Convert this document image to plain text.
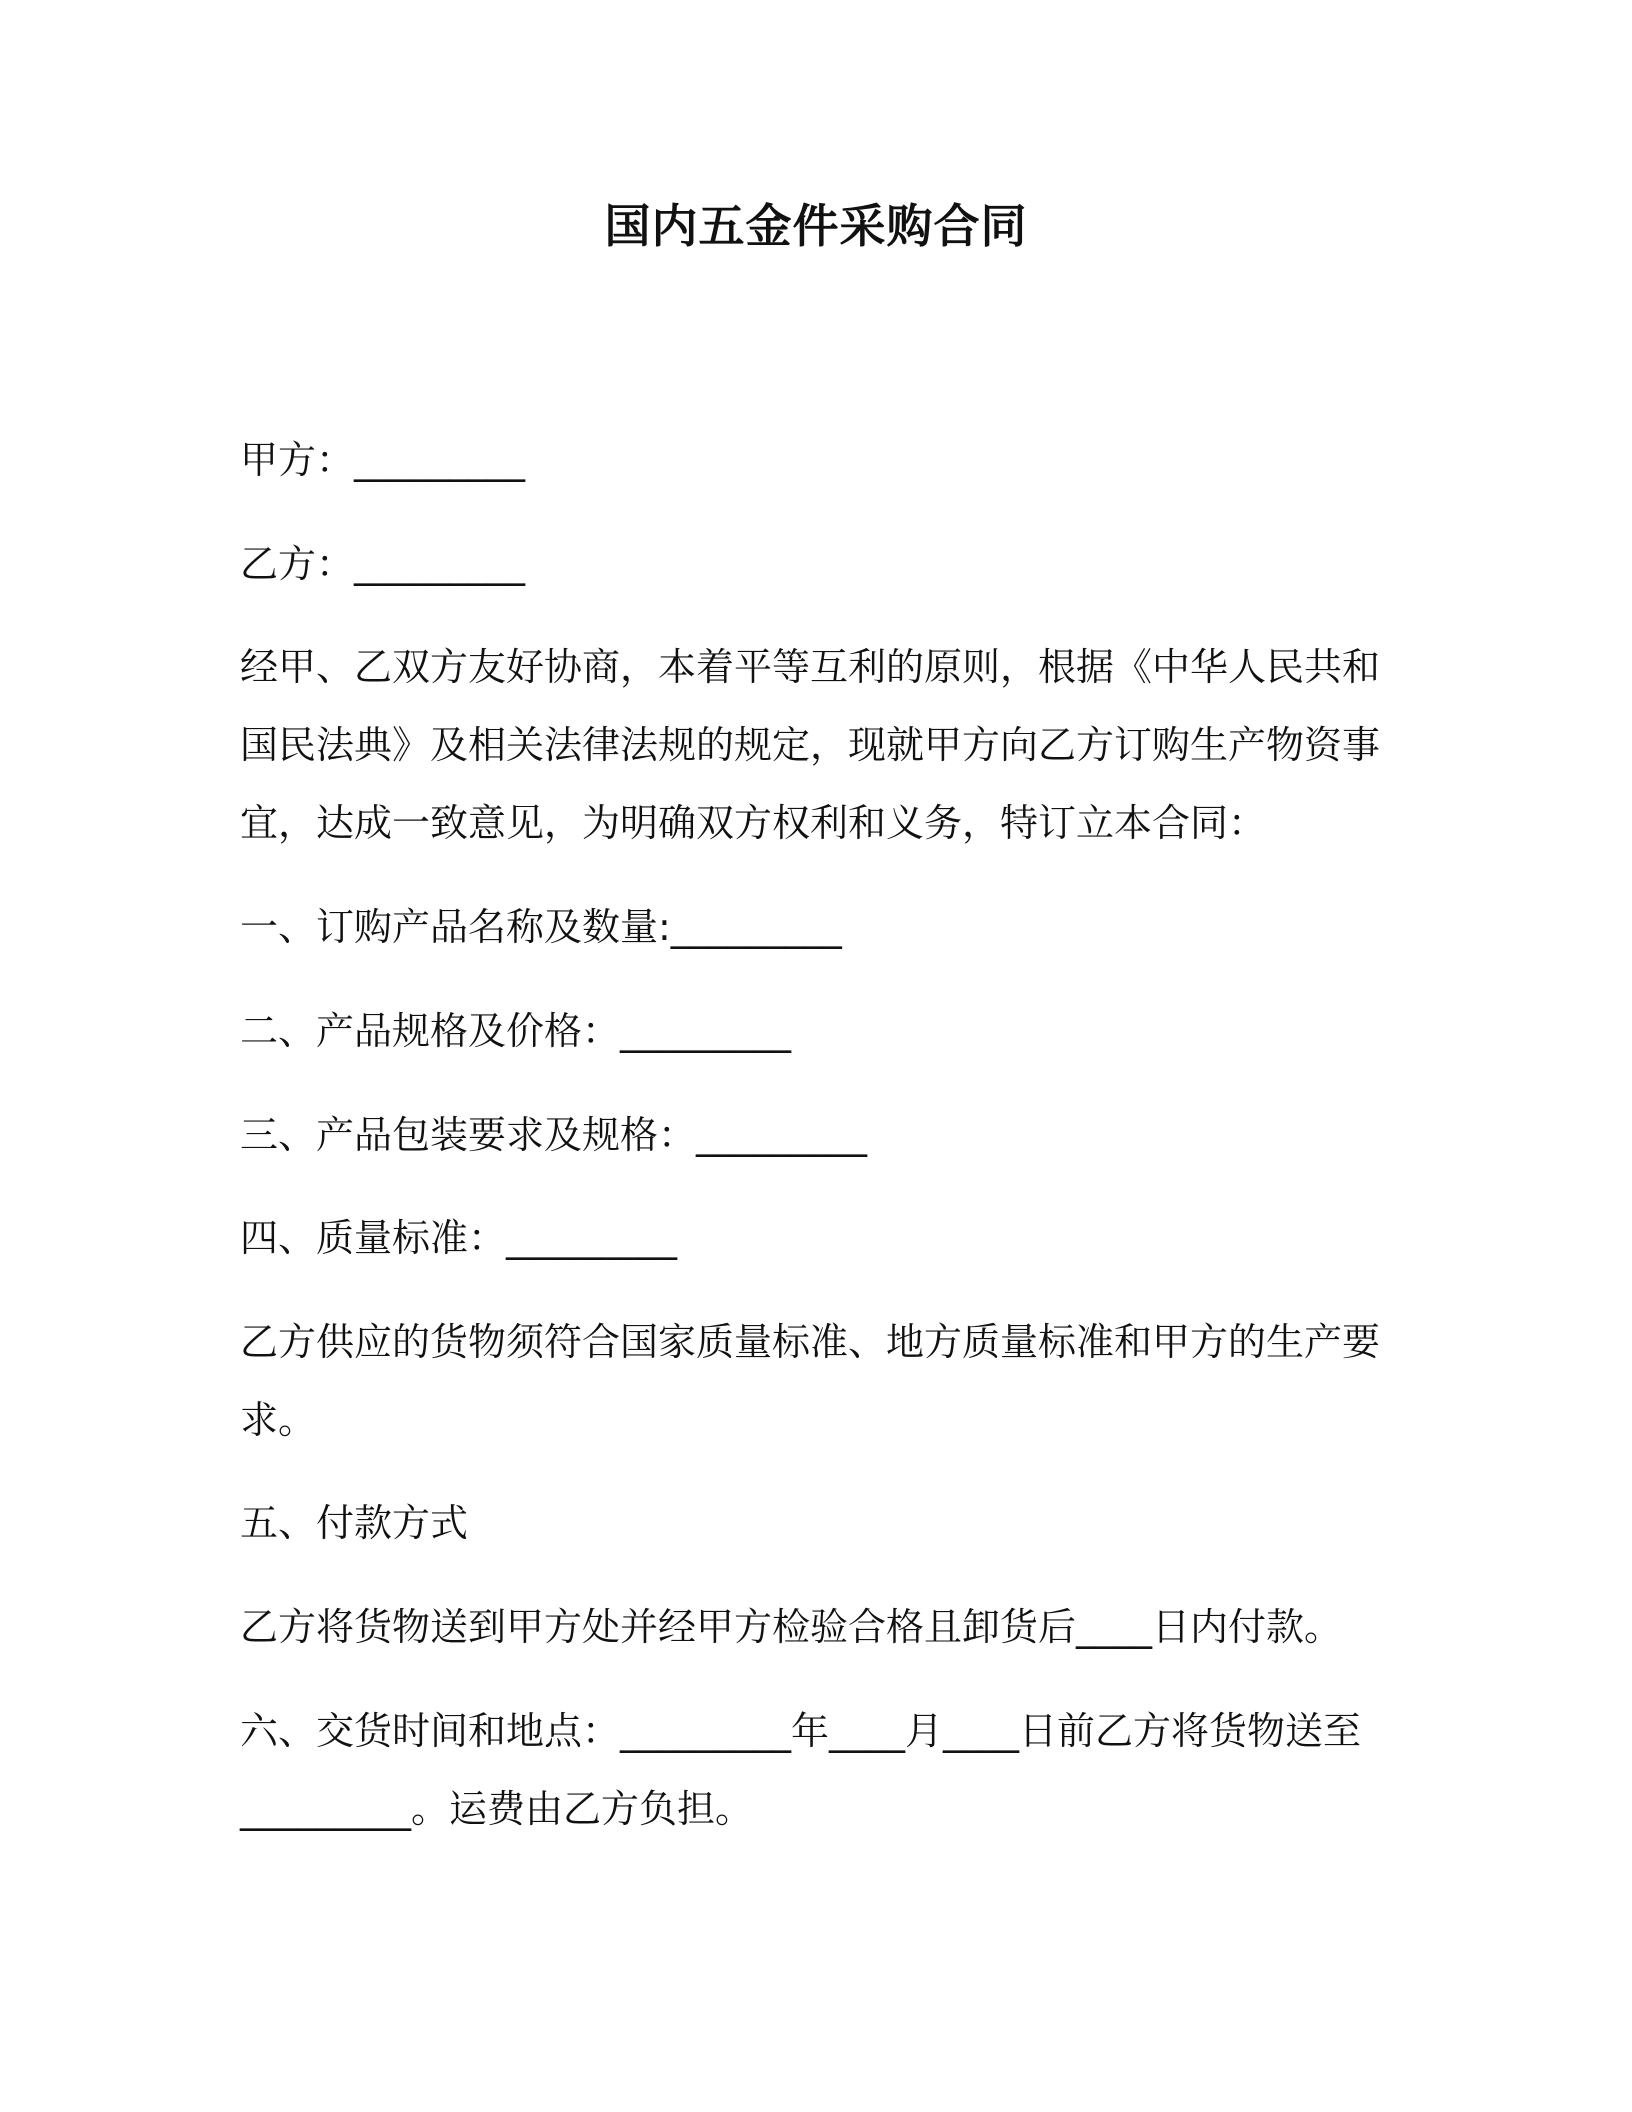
国内五金件采购合同
甲方：_________
乙方：_________
经甲、乙双方友好协商，本着平等互利的原则，根据《中华人民共和
国民法典》及相关法律法规的规定，现就甲方向乙方订购生产物资事
宜，达成一致意见，为明确双方权利和义务，特订立本合同：
一、订购产品名称及数量:_________
二、产品规格及价格：_________
三、产品包装要求及规格：_________
四、质量标准：_________
乙方供应的货物须符合国家质量标准、地方质量标准和甲方的生产要
求。
五、付款方式
乙方将货物送到甲方处并经甲方检验合格且卸货后____日内付款。
六、交货时间和地点：_________年____月____日前乙方将货物送至
_________。运费由乙方负担。
